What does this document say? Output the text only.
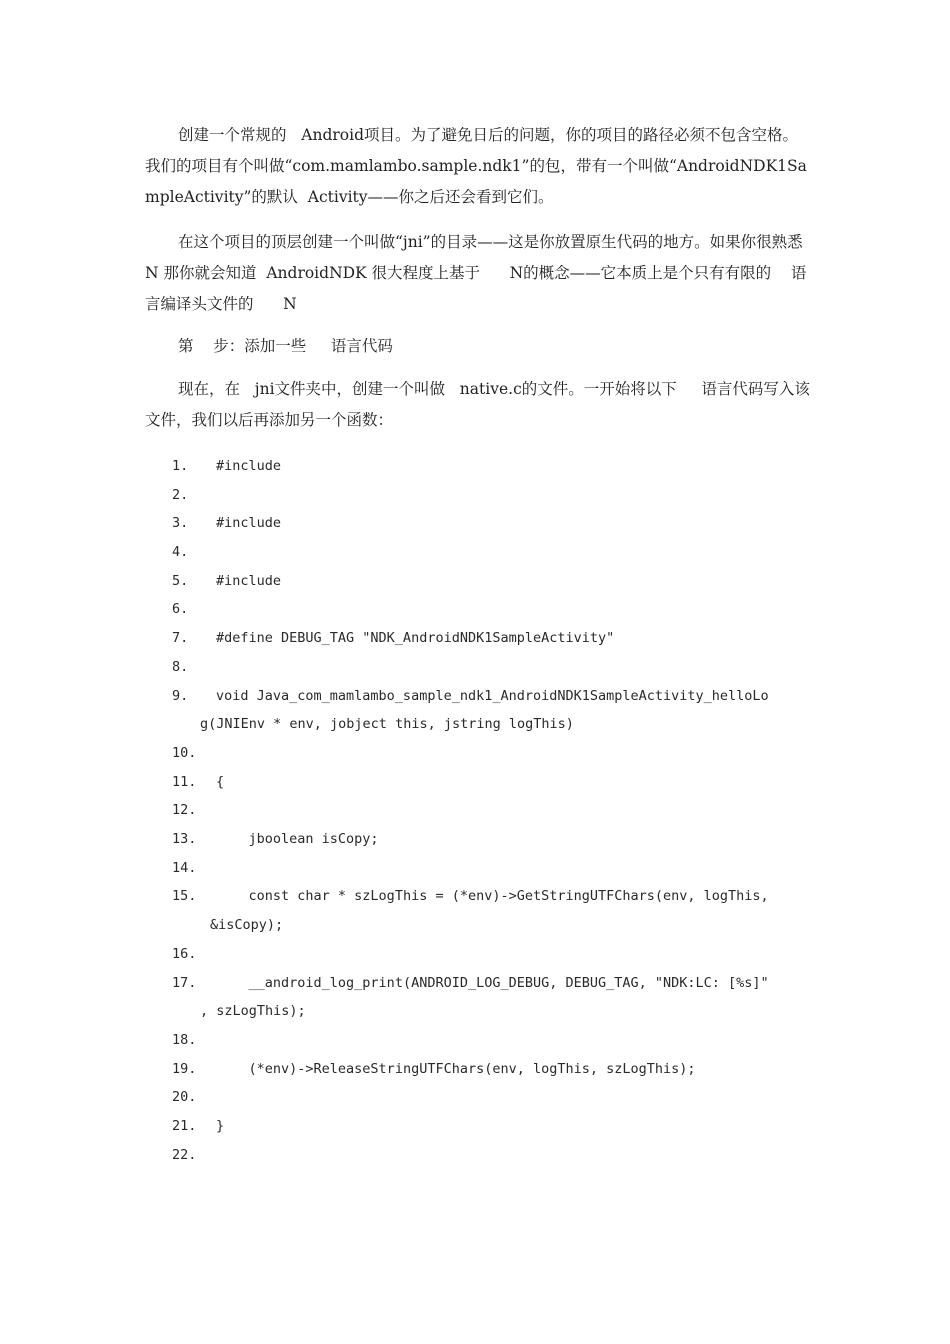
创建一个常规的   Android项目。为了避免日后的问题，你的项目的路径必须不包含空格。我们的项目有个叫做“com.mamlambo.sample.ndk1”的包，带有一个叫做“AndroidNDK1SampleActivity”的默认  Activity——你之后还会看到它们。

在这个项目的顶层创建一个叫做“jni”的目录——这是你放置原生代码的地方。如果你很熟悉    N 那你就会知道  AndroidNDK 很大程度上基于      N的概念——它本质上是个只有有限的    语言编译头文件的      N

第    步：添加一些     语言代码

现在，在   jni文件夹中，创建一个叫做   native.c的文件。一开始将以下     语言代码写入该文件，我们以后再添加另一个函数：

1.	#include
2.
3.	#include
4.
5.	#include
6.
7.	#define DEBUG_TAG "NDK_AndroidNDK1SampleActivity"
8.
9.	void Java_com_mamlambo_sample_ndk1_AndroidNDK1SampleActivity_helloLo
g(JNIEnv * env, jobject this, jstring logThis)
10.
11.	{
12.
13.	jboolean isCopy;
14.
15.	const char * szLogThis = (*env)->GetStringUTFChars(env, logThis,
&isCopy);
16.
17.	__android_log_print(ANDROID_LOG_DEBUG, DEBUG_TAG, "NDK:LC: [%s]"
, szLogThis);
18.
19.	(*env)->ReleaseStringUTFChars(env, logThis, szLogThis);
20.
21.	}
22.
